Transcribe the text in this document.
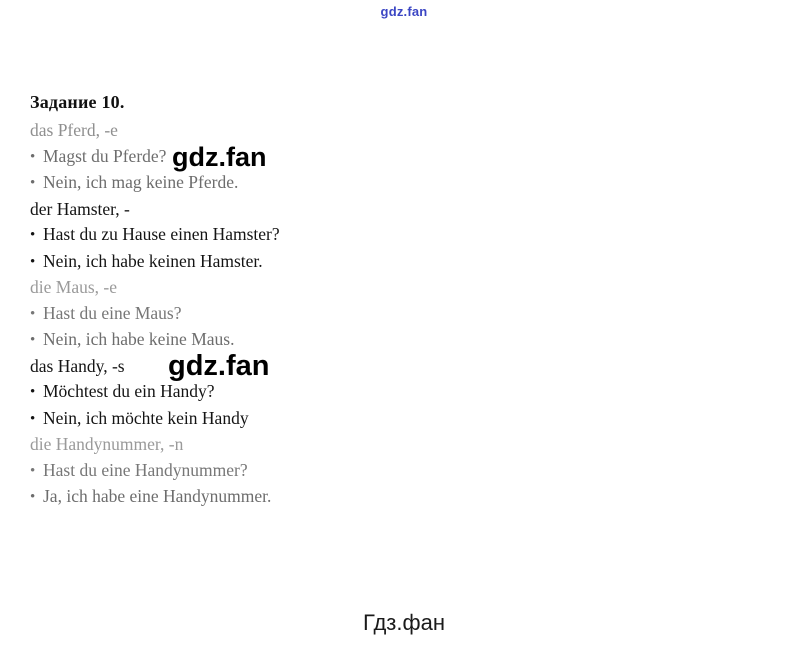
gdz.fan
Задание 10.
das Pferd, -e
• Magst du Pferde?
• Nein, ich mag keine Pferde.
der Hamster, -
• Hast du zu Hause einen Hamster?
• Nein, ich habe keinen Hamster.
die Maus, -e
• Hast du eine Maus?
• Nein, ich habe keine Maus.
das Handy, -s
• Möchtest du ein Handy?
• Nein, ich möchte kein Handy
die Handynummer, -n
• Hast du eine Handynummer?
• Ja, ich habe eine Handynummer.
gdz.fan
gdz.fan
Гдз.фан
